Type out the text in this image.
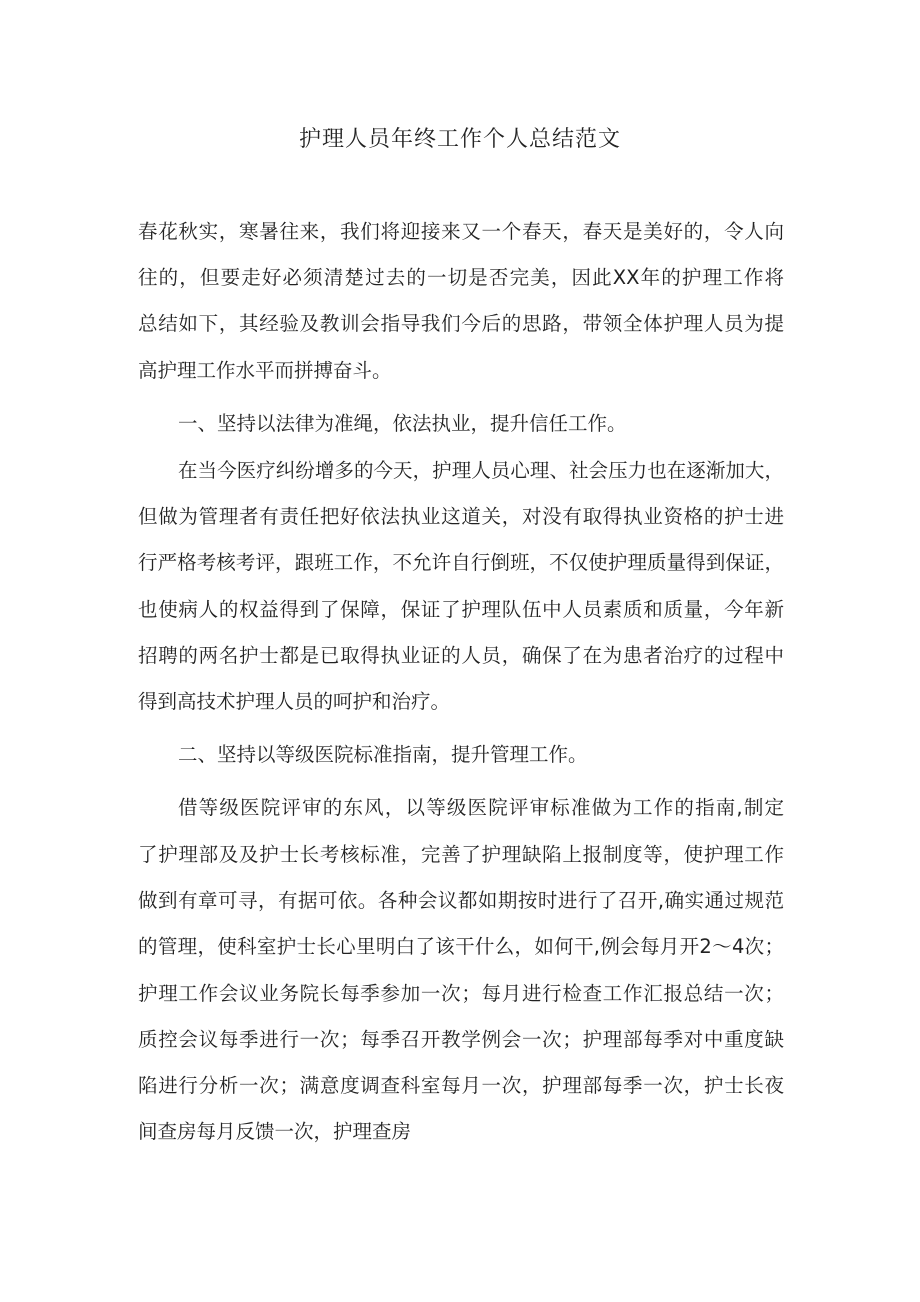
护理人员年终工作个人总结范文
春花秋实，寒暑往来，我们将迎接来又一个春天，春天是美好的，令人向
往的，但要走好必须清楚过去的一切是否完美，因此XX年的护理工作将
总结如下，其经验及教训会指导我们今后的思路，带领全体护理人员为提
高护理工作水平而拼搏奋斗。
一、坚持以法律为准绳，依法执业，提升信任工作。
在当今医疗纠纷增多的今天，护理人员心理、社会压力也在逐渐加大，
但做为管理者有责任把好依法执业这道关，对没有取得执业资格的护士进
行严格考核考评，跟班工作，不允许自行倒班，不仅使护理质量得到保证，
也使病人的权益得到了保障，保证了护理队伍中人员素质和质量，今年新
招聘的两名护士都是已取得执业证的人员，确保了在为患者治疗的过程中
得到高技术护理人员的呵护和治疗。
二、坚持以等级医院标准指南，提升管理工作。
借等级医院评审的东风，以等级医院评审标准做为工作的指南,制定
了护理部及及护士长考核标准，完善了护理缺陷上报制度等，使护理工作
做到有章可寻，有据可依。各种会议都如期按时进行了召开,确实通过规范
的管理，使科室护士长心里明白了该干什么，如何干,例会每月开2～4次；
护理工作会议业务院长每季参加一次；每月进行检查工作汇报总结一次；
质控会议每季进行一次；每季召开教学例会一次；护理部每季对中重度缺
陷进行分析一次；满意度调查科室每月一次，护理部每季一次，护士长夜
间查房每月反馈一次，护理查房
